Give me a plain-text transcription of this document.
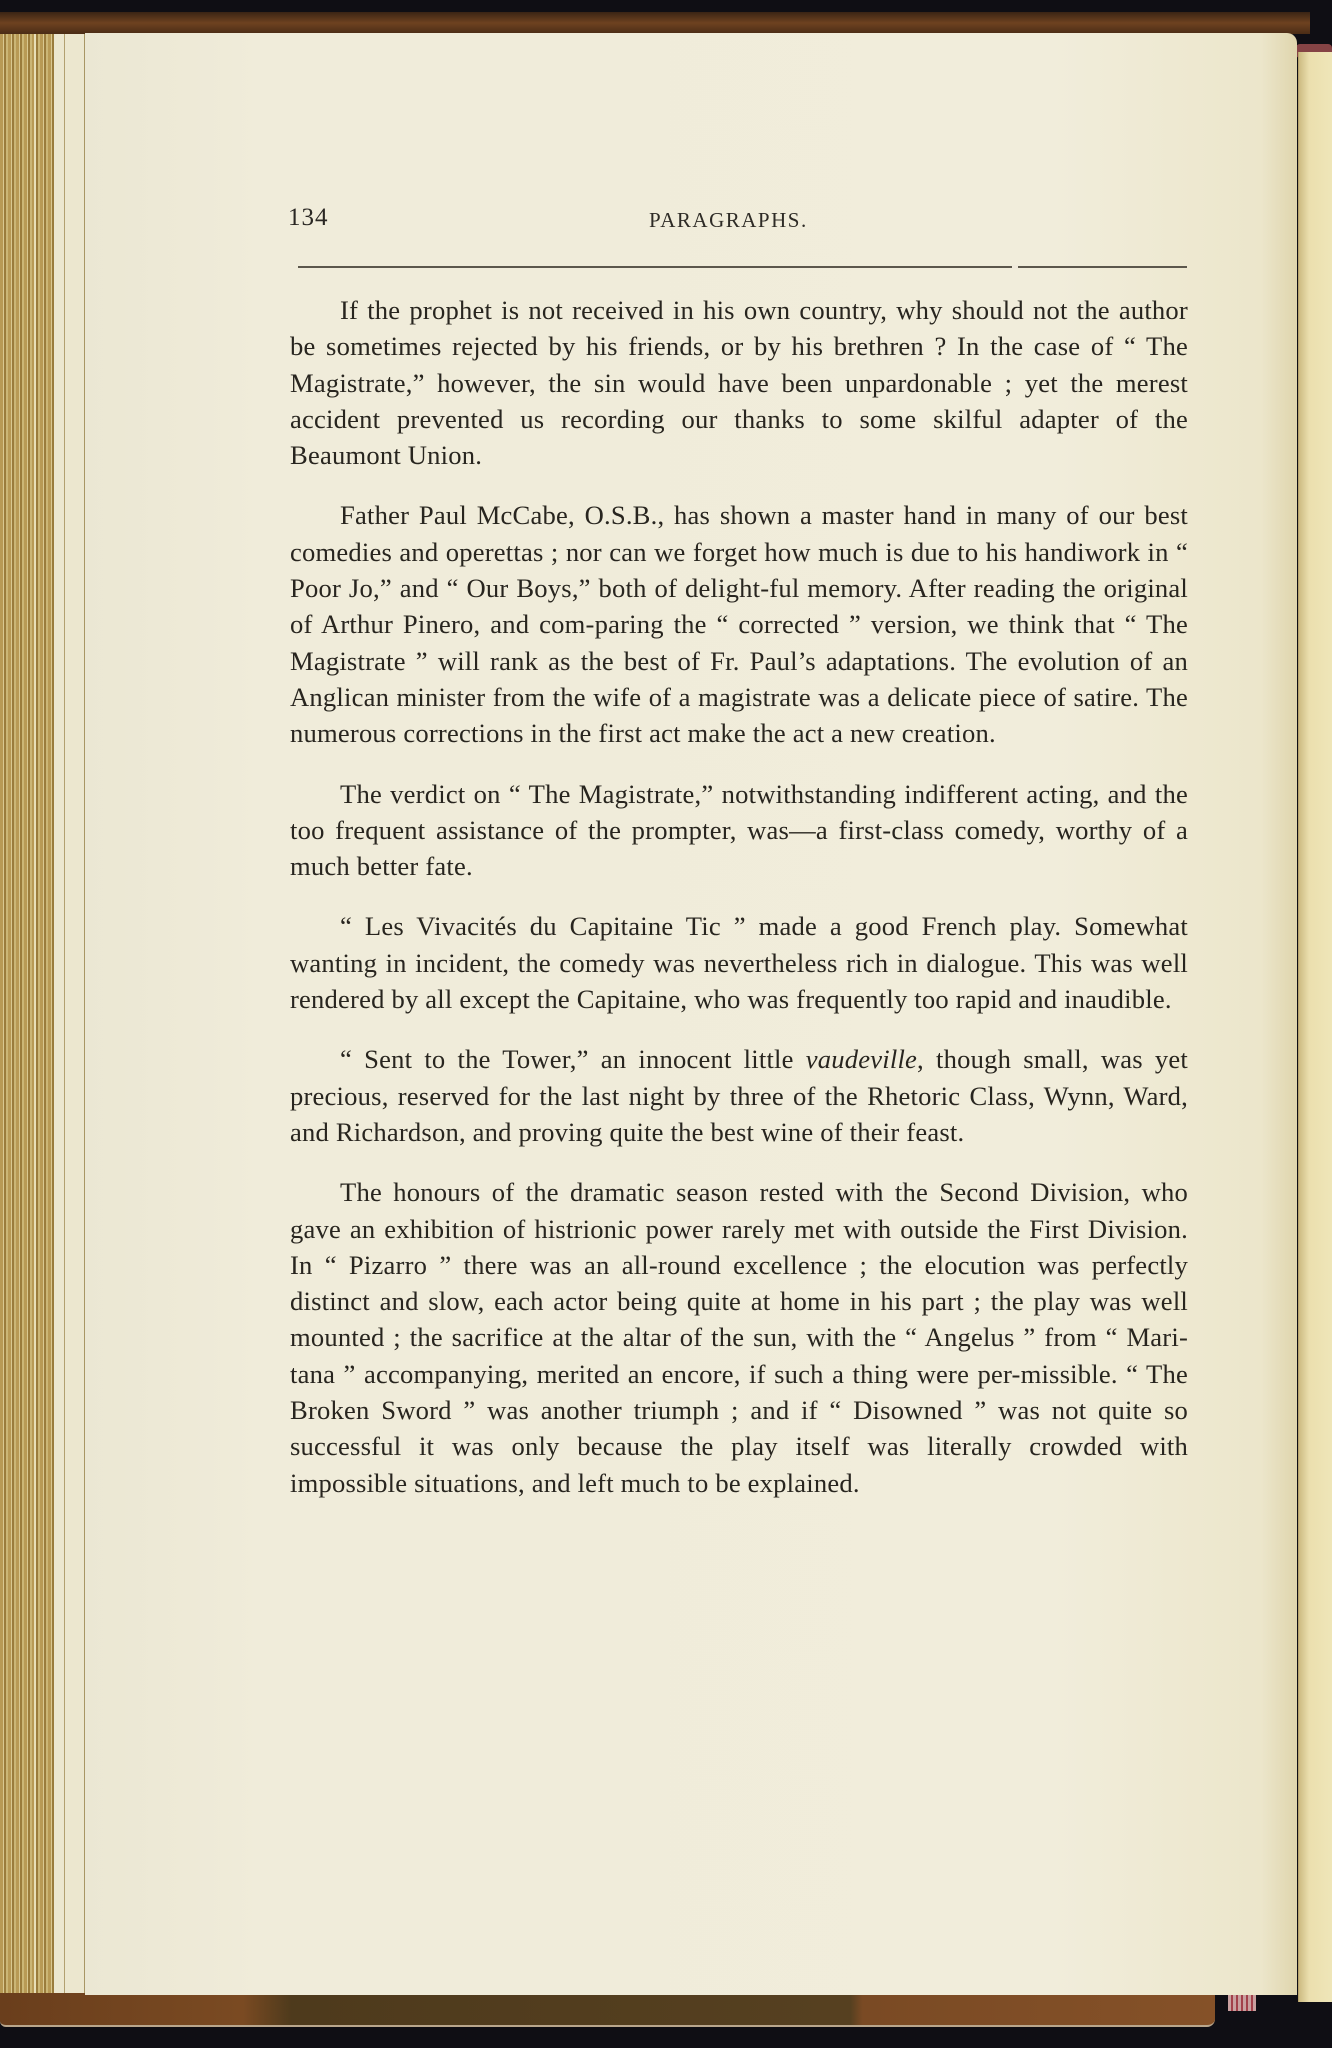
134	PARAGRAPHS.

If the prophet is not received in his own country, why should not the author be sometimes rejected by his friends, or by his brethren ? In the case of “ The Magistrate,” however, the sin would have been unpardonable ; yet the merest accident prevented us recording our thanks to some skilful adapter of the Beaumont Union.

Father Paul McCabe, O.S.B., has shown a master hand in many of our best comedies and operettas ; nor can we forget how much is due to his handiwork in “ Poor Jo,” and “ Our Boys,” both of delight-ful memory. After reading the original of Arthur Pinero, and com-paring the “ corrected ” version, we think that “ The Magistrate ” will rank as the best of Fr. Paul’s adaptations. The evolution of an Anglican minister from the wife of a magistrate was a delicate piece of satire. The numerous corrections in the first act make the act a new creation.

The verdict on “ The Magistrate,” notwithstanding indifferent acting, and the too frequent assistance of the prompter, was—a first-class comedy, worthy of a much better fate.

“ Les Vivacités du Capitaine Tic ” made a good French play. Somewhat wanting in incident, the comedy was nevertheless rich in dialogue. This was well rendered by all except the Capitaine, who was frequently too rapid and inaudible.

“ Sent to the Tower,” an innocent little vaudeville, though small, was yet precious, reserved for the last night by three of the Rhetoric Class, Wynn, Ward, and Richardson, and proving quite the best wine of their feast.

The honours of the dramatic season rested with the Second Division, who gave an exhibition of histrionic power rarely met with outside the First Division. In “ Pizarro ” there was an all-round excellence ; the elocution was perfectly distinct and slow, each actor being quite at home in his part ; the play was well mounted ; the sacrifice at the altar of the sun, with the “ Angelus ” from “ Mari-tana ” accompanying, merited an encore, if such a thing were per-missible. “ The Broken Sword ” was another triumph ; and if “ Disowned ” was not quite so successful it was only because the play itself was literally crowded with impossible situations, and left much to be explained.
